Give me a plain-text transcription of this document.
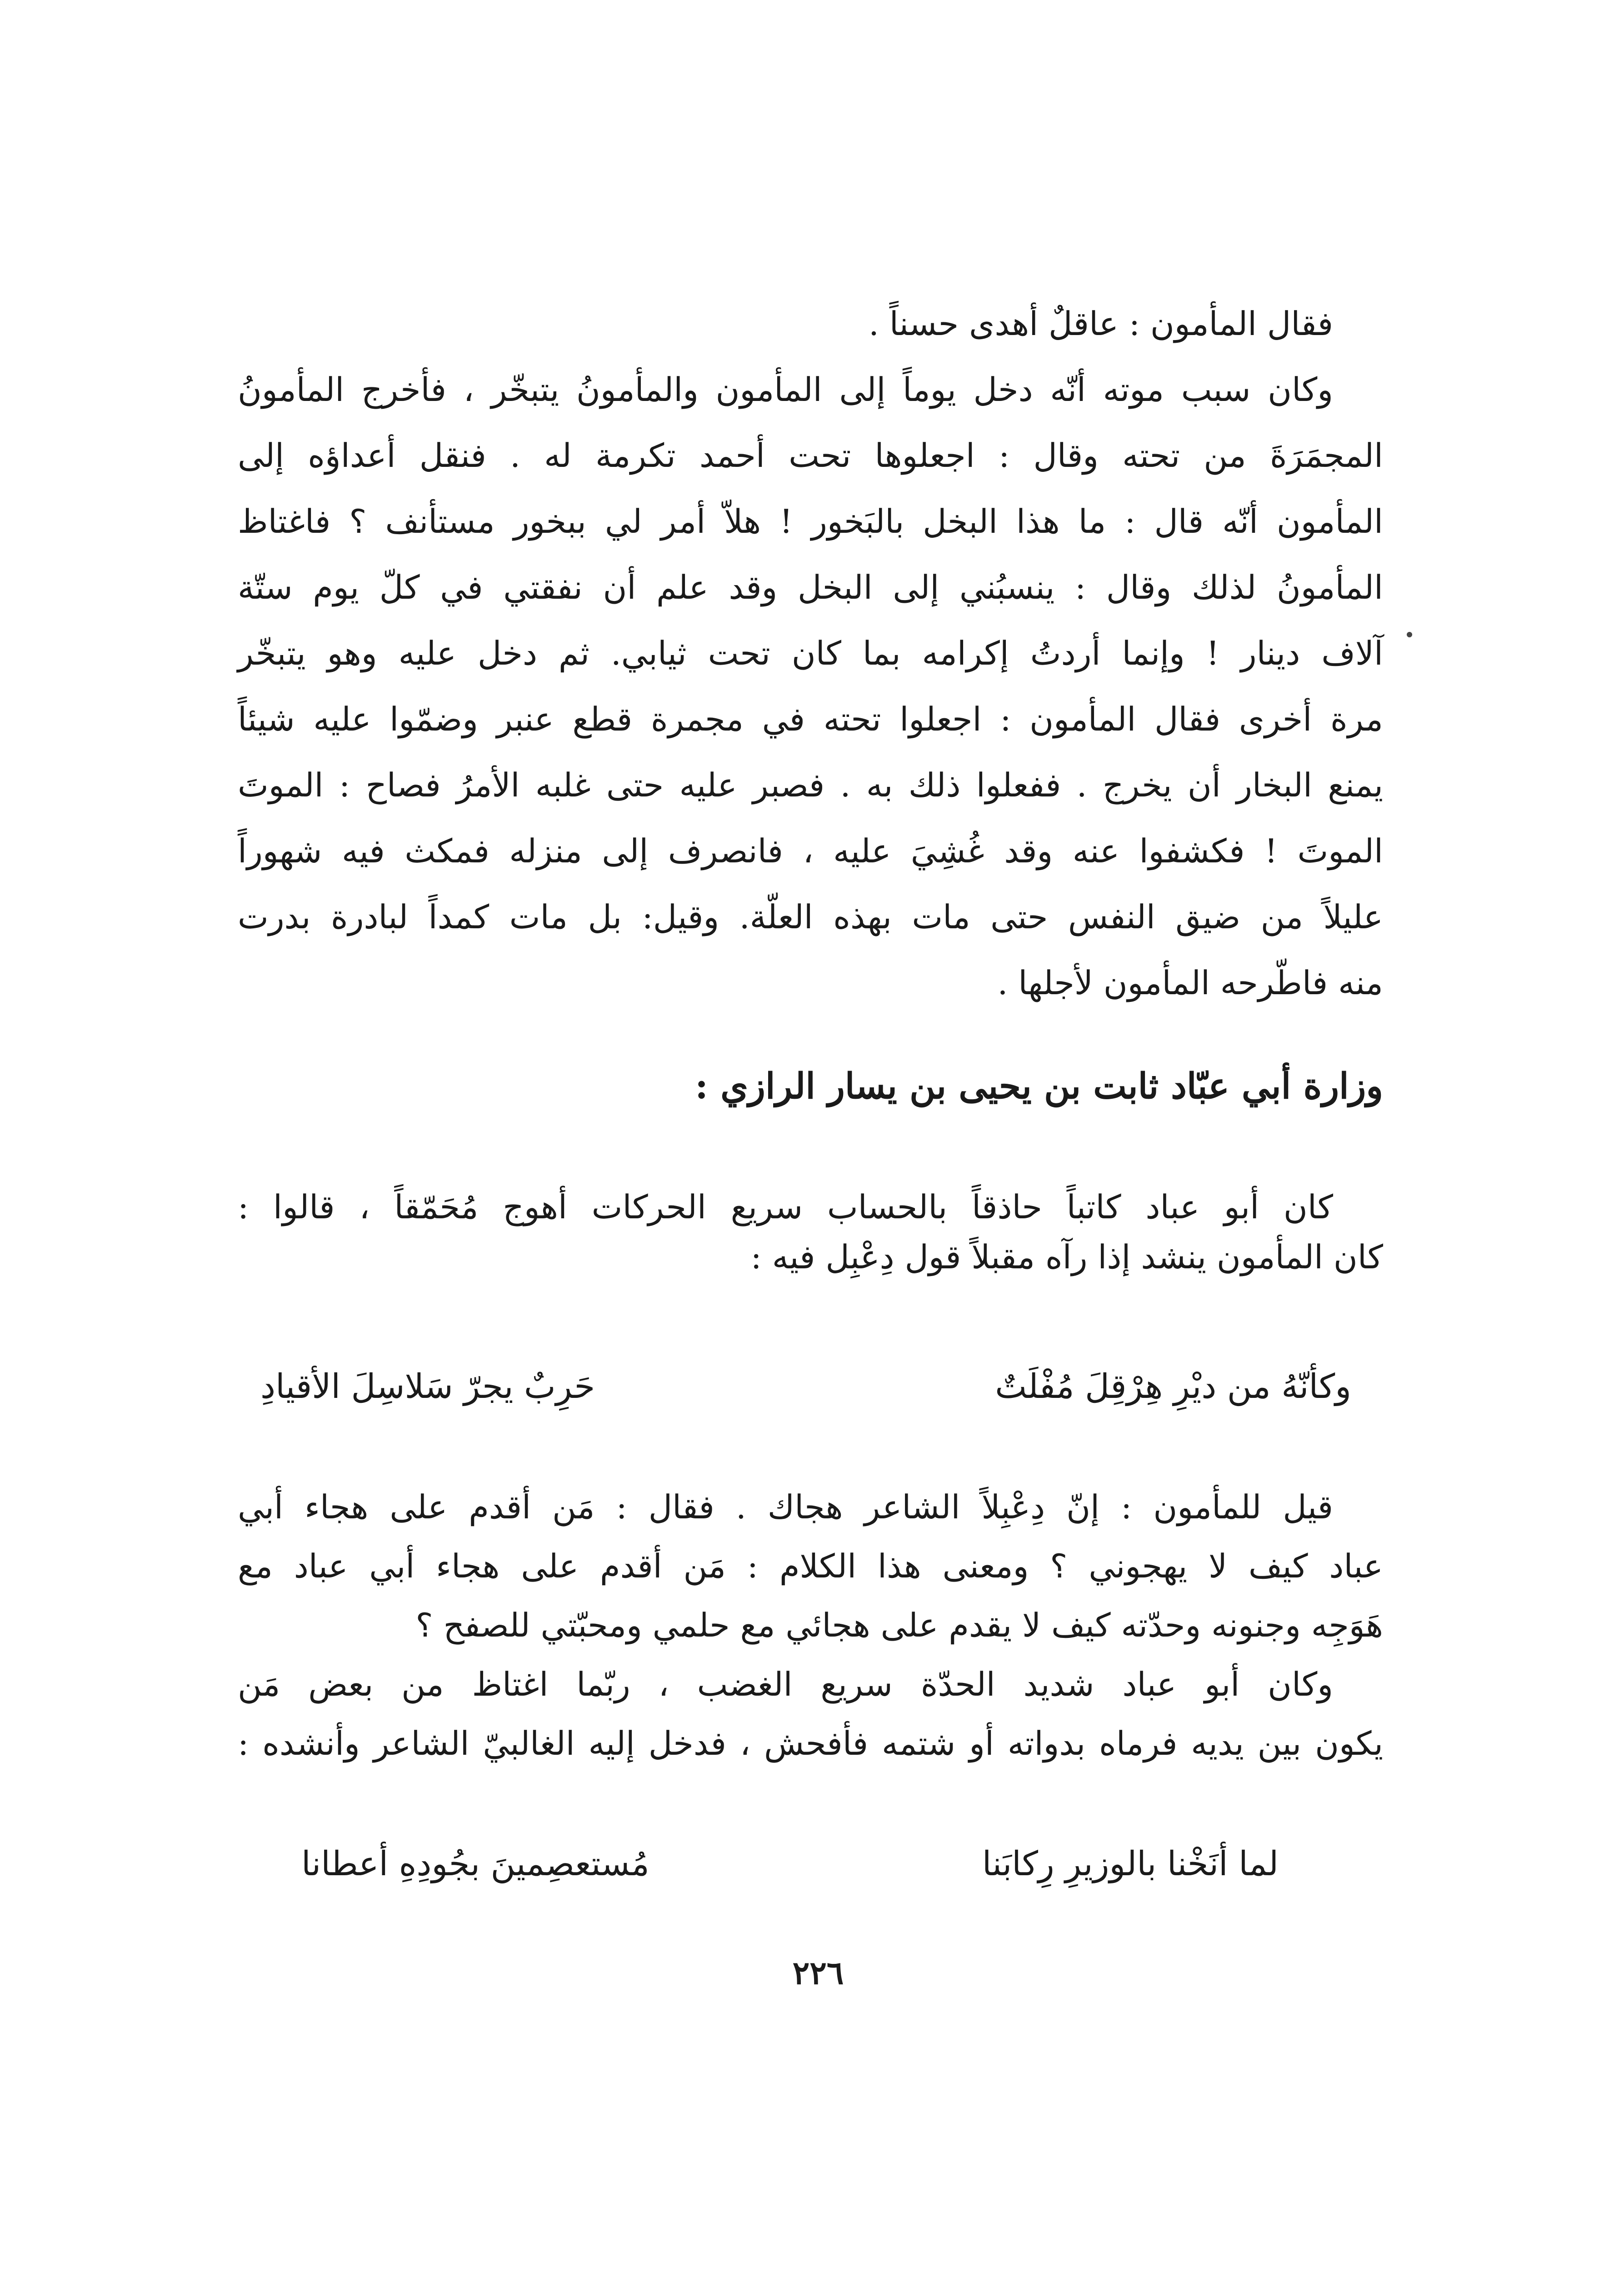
فقال المأمون : عاقلٌ أهدى حسناً .
وكان سبب موته أنّه دخل يوماً إلى المأمون والمأمونُ يتبخّر ، فأخرج المأمونُ
المجمَرَةَ من تحته وقال : اجعلوها تحت أحمد تكرمة له . فنقل أعداؤه إلى
المأمون أنّه قال : ما هذا البخل بالبَخور ! هلاّ أمر لي ببخور مستأنف ؟ فاغتاظ
المأمونُ لذلك وقال : ينسبُني إلى البخل وقد علم أن نفقتي في كلّ يوم ستّة
آلاف دينار ! وإنما أردتُ إكرامه بما كان تحت ثيابي. ثم دخل عليه وهو يتبخّر
مرة أخرى فقال المأمون : اجعلوا تحته في مجمرة قطع عنبر وضمّوا عليه شيئاً
يمنع البخار أن يخرج . ففعلوا ذلك به . فصبر عليه حتى غلبه الأمرُ فصاح : الموتَ
الموتَ ! فكشفوا عنه وقد غُشِيَ عليه ، فانصرف إلى منزله فمكث فيه شهوراً
عليلاً من ضيق النفس حتى مات بهذه العلّة. وقيل: بل مات كمداً لبادرة بدرت
منه فاطّرحه المأمون لأجلها .
وزارة أبي عبّاد ثابت بن يحيى بن يسار الرازي :
كان أبو عباد كاتباً حاذقاً بالحساب سريع الحركات أهوج مُحَمّقاً ، قالوا :
كان المأمون ينشد إذا رآه مقبلاً قول دِعْبِل فيه :
وكأنّهُ من ديْرِ هِرْقِلَ مُفْلَتٌ
حَرِبٌ يجرّ سَلاسِلَ الأقيادِ
قيل للمأمون : إنّ دِعْبِلاً الشاعر هجاك . فقال : مَن أقدم على هجاء أبي
عباد كيف لا يهجوني ؟ ومعنى هذا الكلام : مَن أقدم على هجاء أبي عباد مع
هَوَجِه وجنونه وحدّته كيف لا يقدم على هجائي مع حلمي ومحبّتي للصفح ؟
وكان أبو عباد شديد الحدّة سريع الغضب ، ربّما اغتاظ من بعض مَن
يكون بين يديه فرماه بدواته أو شتمه فأفحش ، فدخل إليه الغالبيّ الشاعر وأنشده :
لما أنَخْنا بالوزيرِ رِكابَنا
مُستعصِمينَ بجُودِهِ أعطانا
٢٢٦
